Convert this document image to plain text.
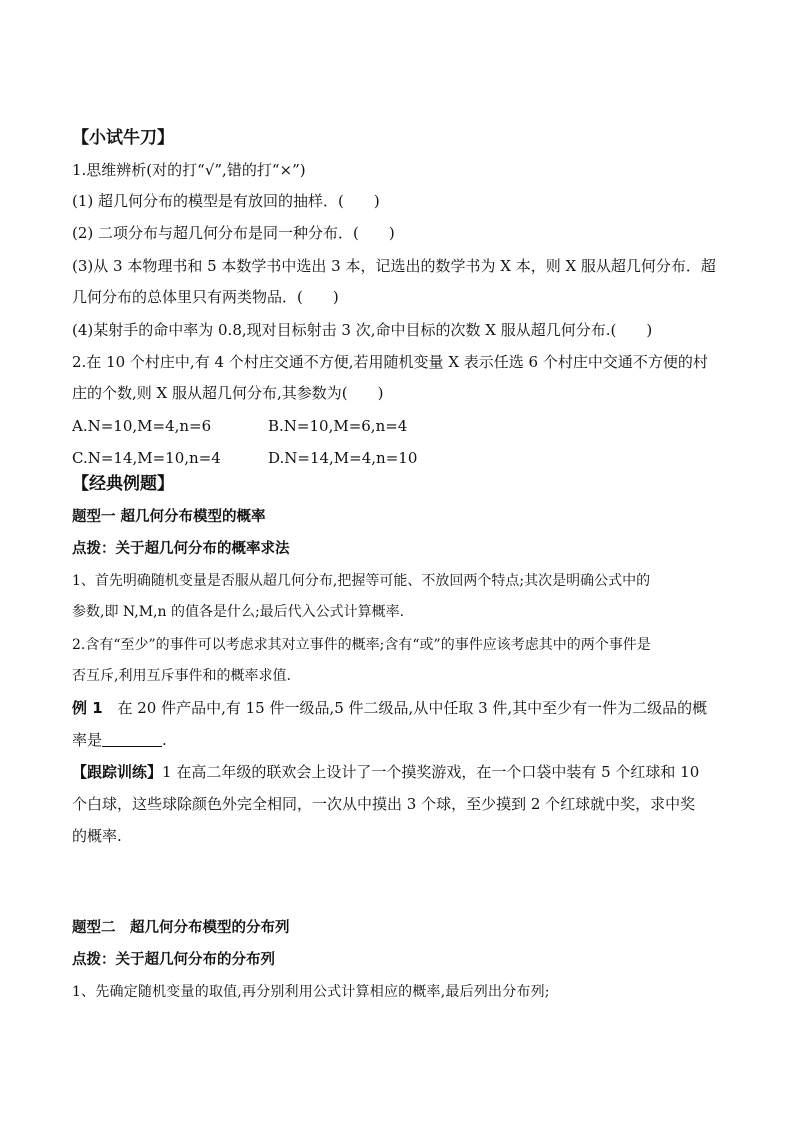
【小试牛刀】
1.思维辨析(对的打“√”,错的打“×”)
(1) 超几何分布的模型是有放回的抽样．(　　)
(2) 二项分布与超几何分布是同一种分布．(　　)
(3)从 3 本物理书和 5 本数学书中选出 3 本，记选出的数学书为 X 本，则 X 服从超几何分布．超
几何分布的总体里只有两类物品．(　　)
(4)某射手的命中率为 0.8,现对目标射击 3 次,命中目标的次数 X 服从超几何分布.(　　)
2.在 10 个村庄中,有 4 个村庄交通不方便,若用随机变量 X 表示任选 6 个村庄中交通不方便的村
庄的个数,则 X 服从超几何分布,其参数为(　　)
A.N=10,M=4,n=6	B.N=10,M=6,n=4
C.N=14,M=10,n=4	D.N=14,M=4,n=10
【经典例题】
题型一 超几何分布模型的概率
点拨：关于超几何分布的概率求法
1、首先明确随机变量是否服从超几何分布,把握等可能、不放回两个特点;其次是明确公式中的
参数,即 N,M,n 的值各是什么;最后代入公式计算概率.
2.含有“至少”的事件可以考虑求其对立事件的概率;含有“或”的事件应该考虑其中的两个事件是
否互斥,利用互斥事件和的概率求值.
例 1 在 20 件产品中,有 15 件一级品,5 件二级品,从中任取 3 件,其中至少有一件为二级品的概
率是	.
【跟踪训练】1 在高二年级的联欢会上设计了一个摸奖游戏，在一个口袋中装有 5 个红球和 10
个白球，这些球除颜色外完全相同，一次从中摸出 3 个球，至少摸到 2 个红球就中奖，求中奖
的概率.
题型二　超几何分布模型的分布列
点拨：关于超几何分布的分布列
1、先确定随机变量的取值,再分别利用公式计算相应的概率,最后列出分布列;
